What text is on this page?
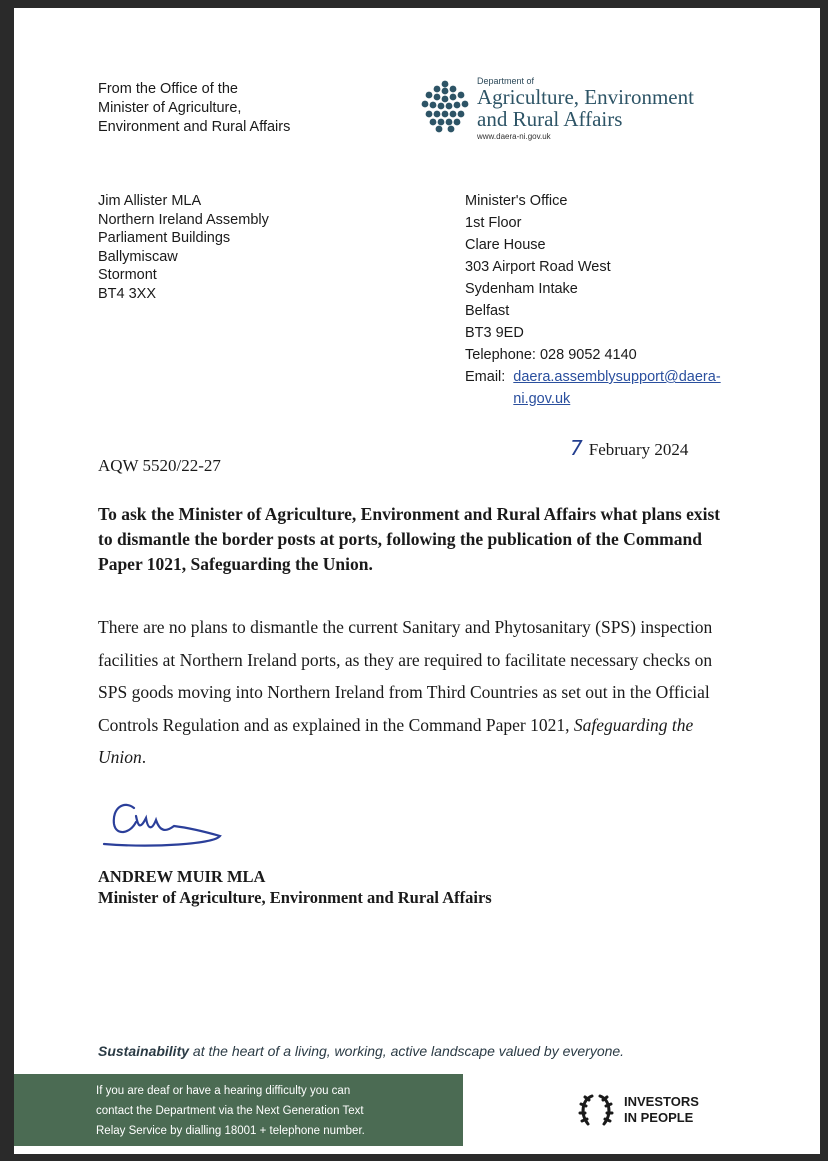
From the Office of the
Minister of Agriculture,
Environment and Rural Affairs
Department of
Agriculture, Environment
and Rural Affairs
www.daera-ni.gov.uk
Jim Allister MLA
Northern Ireland Assembly
Parliament Buildings
Ballymiscaw
Stormont
BT4 3XX
Minister's Office
1st Floor
Clare House
303 Airport Road West
Sydenham Intake
Belfast
BT3 9ED
Telephone: 028 9052 4140
Email: daera.assemblysupport@daera-
ni.gov.uk
7 February 2024
AQW 5520/22-27
To ask the Minister of Agriculture, Environment and Rural Affairs what plans exist to dismantle the border posts at ports, following the publication of the Command Paper 1021, Safeguarding the Union.
There are no plans to dismantle the current Sanitary and Phytosanitary (SPS) inspection facilities at Northern Ireland ports, as they are required to facilitate necessary checks on SPS goods moving into Northern Ireland from Third Countries as set out in the Official Controls Regulation and as explained in the Command Paper 1021, Safeguarding the Union.
ANDREW MUIR MLA
Minister of Agriculture, Environment and Rural Affairs
Sustainability at the heart of a living, working, active landscape valued by everyone.
If you are deaf or have a hearing difficulty you can
contact the Department via the Next Generation Text
Relay Service by dialling 18001 + telephone number.
INVESTORS
IN PEOPLE
